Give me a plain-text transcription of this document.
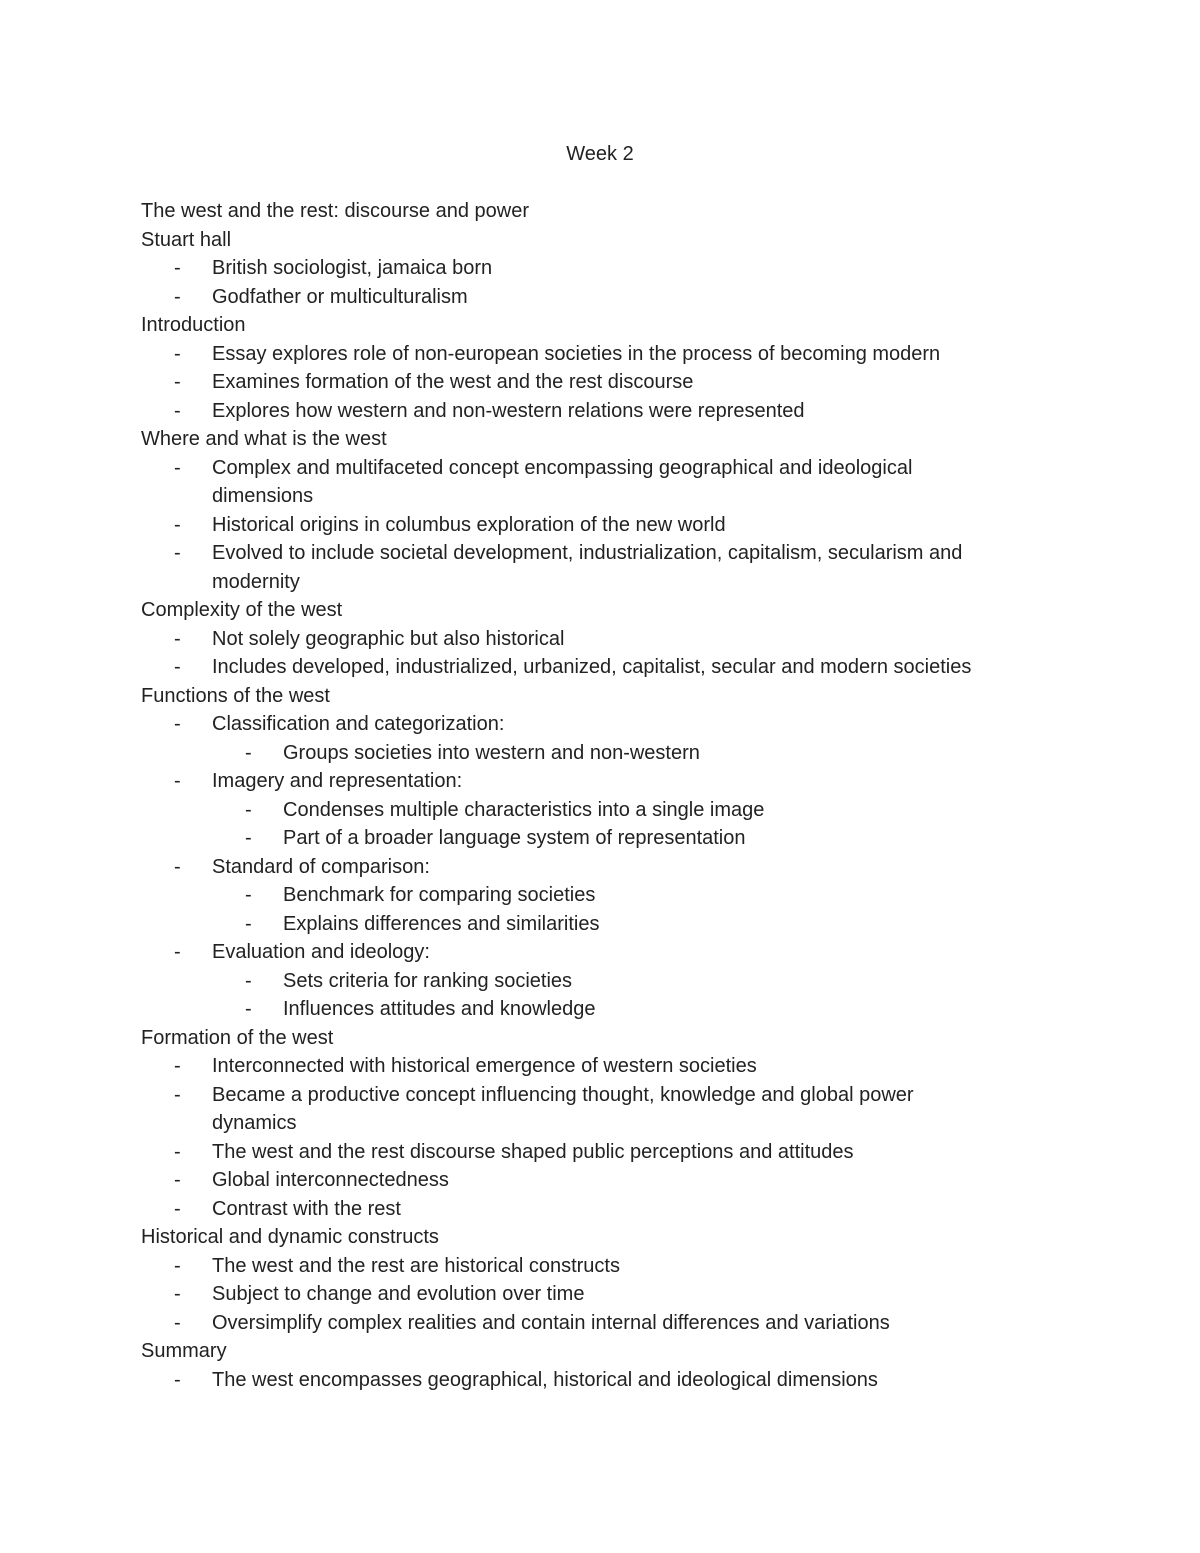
Week 2
The west and the rest: discourse and power
Stuart hall
- British sociologist, jamaica born
- Godfather or multiculturalism
Introduction
- Essay explores role of non-european societies in the process of becoming modern
- Examines formation of the west and the rest discourse
- Explores how western and non-western relations were represented
Where and what is the west
- Complex and multifaceted concept encompassing geographical and ideological
dimensions
- Historical origins in columbus exploration of the new world
- Evolved to include societal development, industrialization, capitalism, secularism and
modernity
Complexity of the west
- Not solely geographic but also historical
- Includes developed, industrialized, urbanized, capitalist, secular and modern societies
Functions of the west
- Classification and categorization:
- Groups societies into western and non-western
- Imagery and representation:
- Condenses multiple characteristics into a single image
- Part of a broader language system of representation
- Standard of comparison:
- Benchmark for comparing societies
- Explains differences and similarities
- Evaluation and ideology:
- Sets criteria for ranking societies
- Influences attitudes and knowledge
Formation of the west
- Interconnected with historical emergence of western societies
- Became a productive concept influencing thought, knowledge and global power
dynamics
- The west and the rest discourse shaped public perceptions and attitudes
- Global interconnectedness
- Contrast with the rest
Historical and dynamic constructs
- The west and the rest are historical constructs
- Subject to change and evolution over time
- Oversimplify complex realities and contain internal differences and variations
Summary
- The west encompasses geographical, historical and ideological dimensions
